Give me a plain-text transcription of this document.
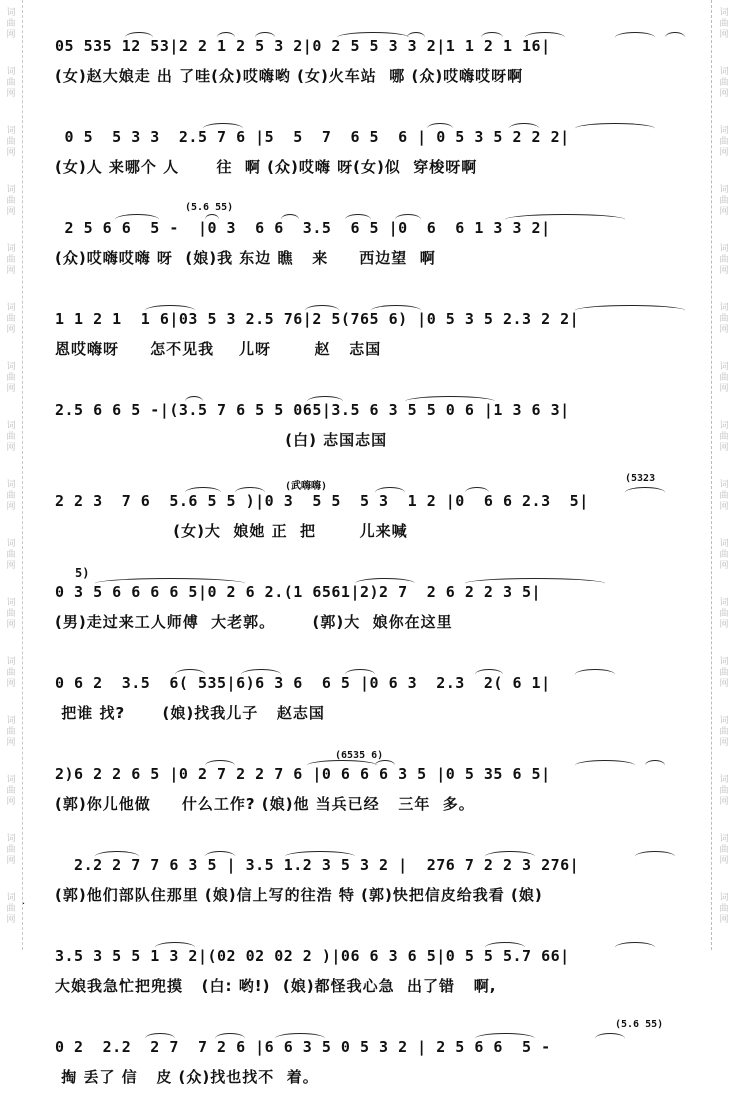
词
曲
网
词
曲
网
词
曲
网
词
曲
网
词
曲
网
词
曲
网
词
曲
网
词
曲
网
词
曲
网
词
曲
网
词
曲
网
词
曲
网
词
曲
网
词
曲
网
词
曲
网
词
曲
网
词
曲
网
词
曲
网
词
曲
网
词
曲
网
词
曲
网
词
曲
网
词
曲
网
词
曲
网
词
曲
网
词
曲
网
词
曲
网
词
曲
网
词
曲
网
词
曲
网
词
曲
网
词
曲
网
05 535 12 53|2 2 1 2 5 3 2|0 2 5 5 3 3 2|1 1 2 1 16|
(女)赵大娘走 出 了哇(众)哎嗨哟 (女)火车站  哪 (众)哎嗨哎呀啊
0 5  5 3 3  2.5 7 6 |5  5  7  6 5  6 | 0 5 3 5 2 2 2|
(女)人 来哪个 人      往  啊 (众)哎嗨 呀(女)似  穿梭呀啊
2 5 6 6  5 -  |0 3  6 6  3.5  6 5 |0  6  6 1 3 3 2|
(众)哎嗨哎嗨 呀  (娘)我 东边 瞧   来     西边望  啊
(5.6 55)
1 1 2 1  1 6|03 5 3 2.5 76|2 5(765 6) |0 5 3 5 2.3 2 2|
恩哎嗨呀     怎不见我    儿呀       赵   志国
2.5 6 6 5 -|(3.5 7 6 5 5 065|3.5 6 3 5 5 0 6 |1 3 6 3|
(白) 志国志国
2 2 3  7 6  5.6 5 5 )|0 3  5 5  5 3  1 2 |0  6 6 2.3  5|
(女)大  娘她 正  把       儿来喊
(武嗨嗨)
(5323
0 3 5 6 6 6 6 5|0 2 6 2.(1 6561|2)2 7  2 6 2 2 3 5|
(男)走过来工人师傅  大老郭。      (郭)大  娘你在这里
5)
0 6 2  3.5  6( 535|6)6 3 6  6 5 |0 6 3  2.3  2( 6 1|
把谁 找?      (娘)找我儿子   赵志国
2)6 2 2 6 5 |0 2 7 2 2 7 6 |0 6 6 6 3 5 |0 5 35 6 5|
(郭)你儿他做     什么工作? (娘)他 当兵已经   三年  多。
(6535 6)
2.2 2 7 7 6 3 5 | 3.5 1.2 3 5 3 2 |  276 7 2 2 3 276|
(郭)他们部队住那里 (娘)信上写的往浩 特 (郭)快把信皮给我看 (娘)
3.5 3 5 5 1 3 2|(02 02 02 2 )|06 6 3 6 5|0 5 5 5.7 66|
大娘我急忙把兜摸   (白: 哟!)  (娘)都怪我心急  出了错   啊,
0 2  2.2  2 7  7 2 6 |6 6 3 5 0 5 3 2 | 2 5 6 6  5 -
掏 丢了 信   皮 (众)找也找不  着。
(5.6 55)
·
